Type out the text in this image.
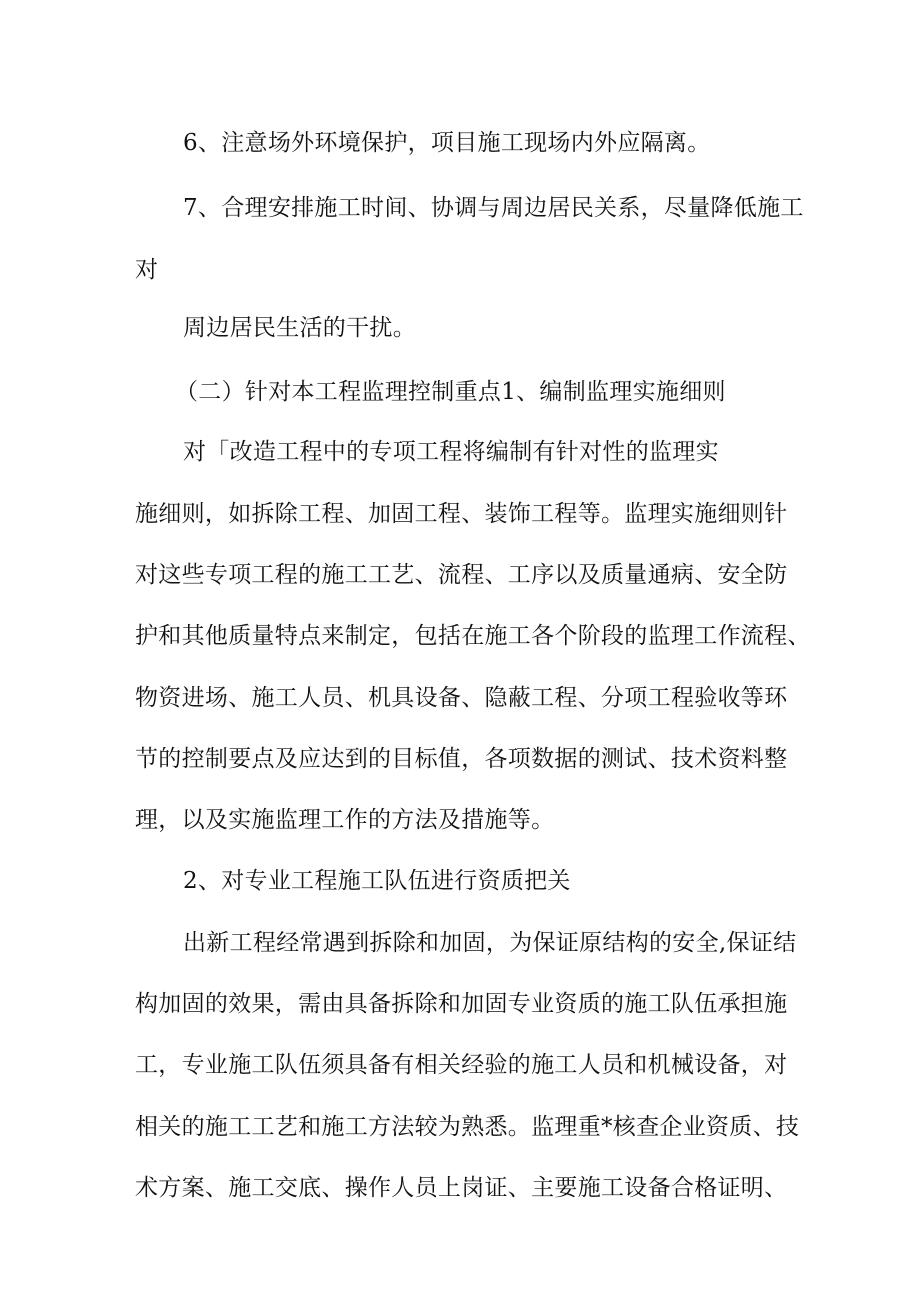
6、注意场外环境保护，项目施工现场内外应隔离。
7、合理安排施工时间、协调与周边居民关系，尽量降低施工
对
周边居民生活的干扰。
（二）针对本工程监理控制重点1、编制监理实施细则
对「改造工程中的专项工程将编制有针对性的监理实
施细则，如拆除工程、加固工程、装饰工程等。监理实施细则针
对这些专项工程的施工工艺、流程、工序以及质量通病、安全防
护和其他质量特点来制定，包括在施工各个阶段的监理工作流程、
物资进场、施工人员、机具设备、隐蔽工程、分项工程验收等环
节的控制要点及应达到的目标值，各项数据的测试、技术资料整
理，以及实施监理工作的方法及措施等。
2、对专业工程施工队伍进行资质把关
出新工程经常遇到拆除和加固，为保证原结构的安全,保证结
构加固的效果，需由具备拆除和加固专业资质的施工队伍承担施
工，专业施工队伍须具备有相关经验的施工人员和机械设备，对
相关的施工工艺和施工方法较为熟悉。监理重*核查企业资质、技
术方案、施工交底、操作人员上岗证、主要施工设备合格证明、
